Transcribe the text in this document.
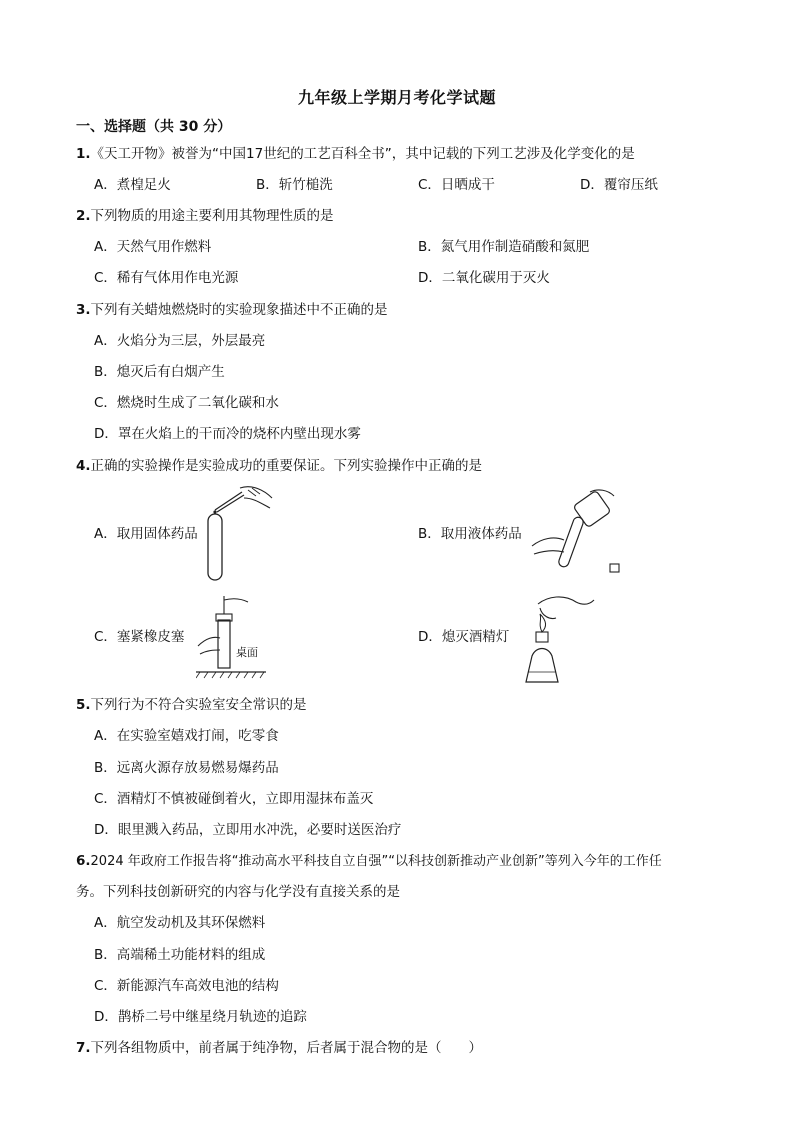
九年级上学期月考化学试题
一、选择题（共 30 分）
1.《天工开物》被誉为“中国17世纪的工艺百科全书”，其中记载的下列工艺涉及化学变化的是
A．煮楻足火	B．斩竹槌洗	C．日晒成干	D．覆帘压纸
2.下列物质的用途主要利用其物理性质的是
A．天然气用作燃料	B．氮气用作制造硝酸和氮肥
C．稀有气体用作电光源	D．二氧化碳用于灭火
3.下列有关蜡烛燃烧时的实验现象描述中不正确的是
A．火焰分为三层，外层最亮
B．熄灭后有白烟产生
C．燃烧时生成了二氧化碳和水
D．罩在火焰上的干而冷的烧杯内壁出现水雾
4.正确的实验操作是实验成功的重要保证。下列实验操作中正确的是
A．取用固体药品	B．取用液体药品
C．塞紧橡皮塞	D．熄灭酒精灯
桌面
5.下列行为不符合实验室安全常识的是
A．在实验室嬉戏打闹，吃零食
B．远离火源存放易燃易爆药品
C．酒精灯不慎被碰倒着火，立即用湿抹布盖灭
D．眼里溅入药品，立即用水冲洗，必要时送医治疗
6.2024 年政府工作报告将“推动高水平科技自立自强”“以科技创新推动产业创新”等列入今年的工作任
务。下列科技创新研究的内容与化学没有直接关系的是
A．航空发动机及其环保燃料
B．高端稀土功能材料的组成
C．新能源汽车高效电池的结构
D．鹊桥二号中继星绕月轨迹的追踪
7.下列各组物质中，前者属于纯净物，后者属于混合物的是（　　）
